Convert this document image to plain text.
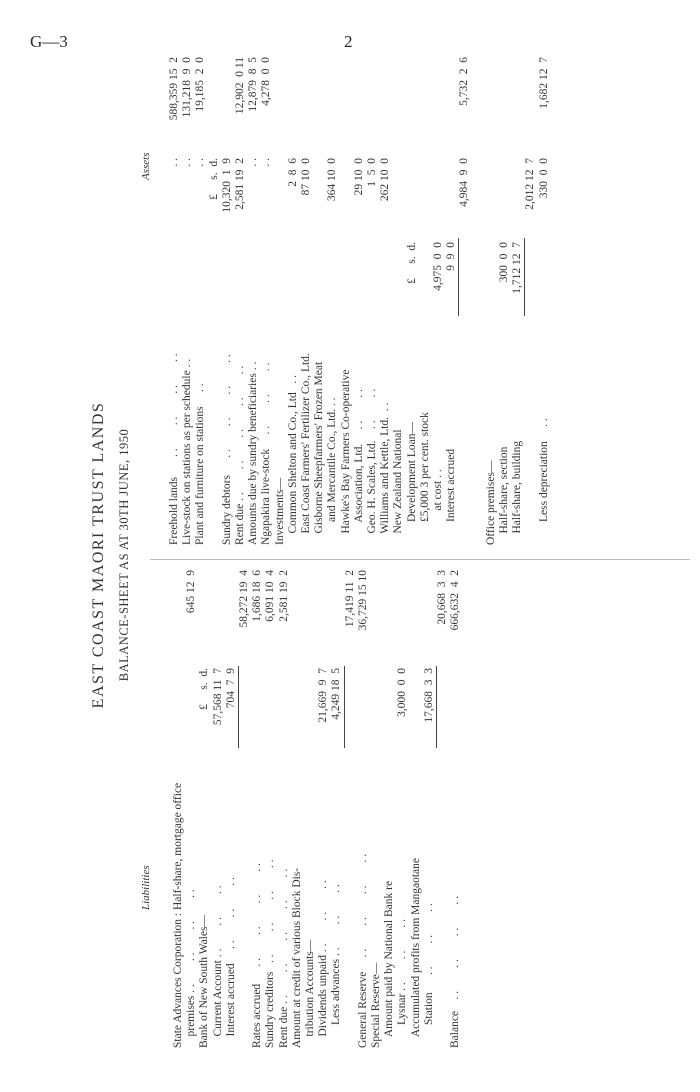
G—3	2
EAST COAST MAORI TRUST LANDS BALANCE-SHEET AS AT 30TH JUNE, 1950
Liabilities
Assets
State Advances Corporation : Half-share, mortgage office premises . .        . .        . .        . .
645 12  9
Bank of New South Wales—
£     s.  d.
Current Account . .        . .        . .
57,568 11  7
Interest accrued     . .        . .        . .
704  7  9
58,272 19  4
Rates accrued      . .        . .        . .        . .
1,686 18  6
Sundry creditors   . .        . .        . .        . .
6,091 10  4
Rent due . .        . .        . .        . .        . .
2,581 19  2
Amount at credit of various Block Dis- tribution Accounts— Dividends unpaid . .        . .        . .
21,669  9  7
Less advances . .        . .        . .
4,249 18  5
17,419 11  2
General Reserve     . .        . .        . .        . .
36,729 15 10
Special Reserve— Amount paid by National Bank re Lysnar . .        . .        . .
3,000  0  0
Accumulated profits from Mangaotane Station      . .        . .        . .
17,668  3  3
20,668  3  3
Balance    . .        . .        . .        . .
666,632  4  2
Freehold lands       . .        . .        . .        . .
. .
588,359 15  2
Live-stock on stations as per schedule . .
. .
131,218  9  0
Plant and furniture on stations     . .
. .
19,185  2  0
£     s.  d.
Sundry debtors      . .        . .        . .        . .
10,320  1  9
Rent due . .        . .        . .        . .        . .
2,581 19  2
12,902  0 11
Amounts due by sundry beneficiaries . .
. .
12,879  8  5
Ngapakira live-stock     . .        . .        . .
. .
4,278  0  0
Investments— Common Shelton and Co., Ltd   . .
2  8  6
East Coast Farmers' Fertilizer Co., Ltd.
87 10  0
Gisborne Sheepfarmers' Frozen Meat and Mercantile Co., Ltd. . .
364 10  0
Hawke's Bay Farmers Co-operative Association, Ltd.     . .        . .
29 10  0
Geo. H. Scales, Ltd.    . .        . .
1  5  0
Williams and Kettle, Ltd.  . .
262 10  0
New Zealand National Development Loan—
£     s.  d.
£5,000 3 per cent. stock at cost . .
4,975  0  0
Interest accrued
9  9  0
4,984  9  0
5,732  2  6
Office premises— Half-share, section
300  0  0
Half-share, building
1,712 12  7
2,012 12  7
Less depreciation     . .
330  0  0
1,682 12  7
